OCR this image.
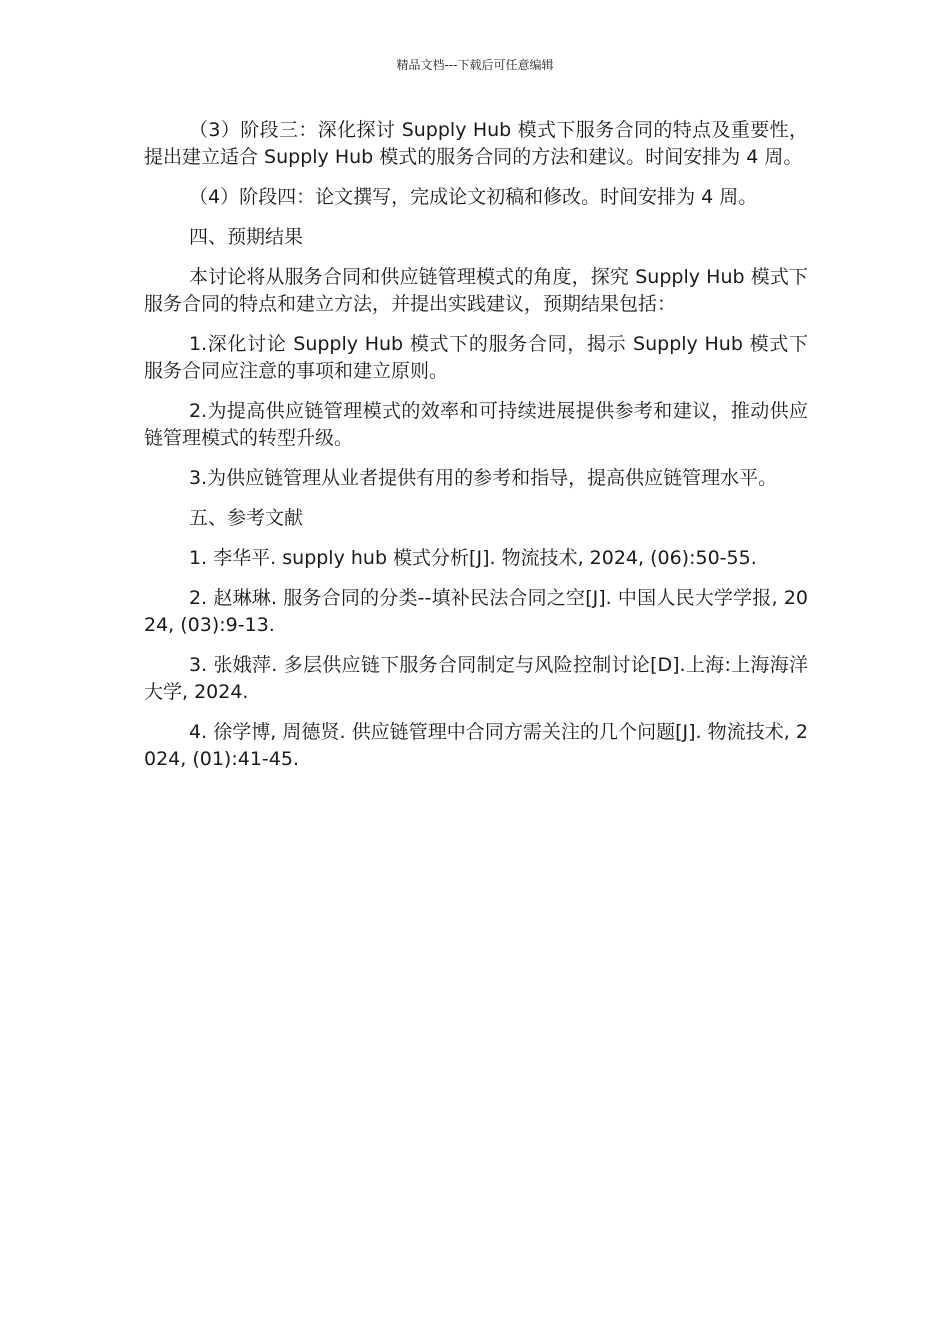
精品文档---下载后可任意编辑

（3）阶段三：深化探讨 Supply Hub 模式下服务合同的特点及重要性，提出建立适合 Supply Hub 模式的服务合同的方法和建议。时间安排为 4 周。

（4）阶段四：论文撰写，完成论文初稿和修改。时间安排为 4 周。

四、预期结果

本讨论将从服务合同和供应链管理模式的角度，探究 Supply Hub 模式下服务合同的特点和建立方法，并提出实践建议，预期结果包括：

1.深化讨论 Supply Hub 模式下的服务合同，揭示 Supply Hub 模式下服务合同应注意的事项和建立原则。

2.为提高供应链管理模式的效率和可持续进展提供参考和建议，推动供应链管理模式的转型升级。

3.为供应链管理从业者提供有用的参考和指导，提高供应链管理水平。

五、参考文献

1. 李华平. supply hub 模式分析[J]. 物流技术, 2024, (06):50-55.

2. 赵琳琳. 服务合同的分类--填补民法合同之空[J]. 中国人民大学学报, 2024, (03):9-13.

3. 张娥萍. 多层供应链下服务合同制定与风险控制讨论[D].上海:上海海洋大学, 2024.

4. 徐学博, 周德贤. 供应链管理中合同方需关注的几个问题[J]. 物流技术, 2024, (01):41-45.
